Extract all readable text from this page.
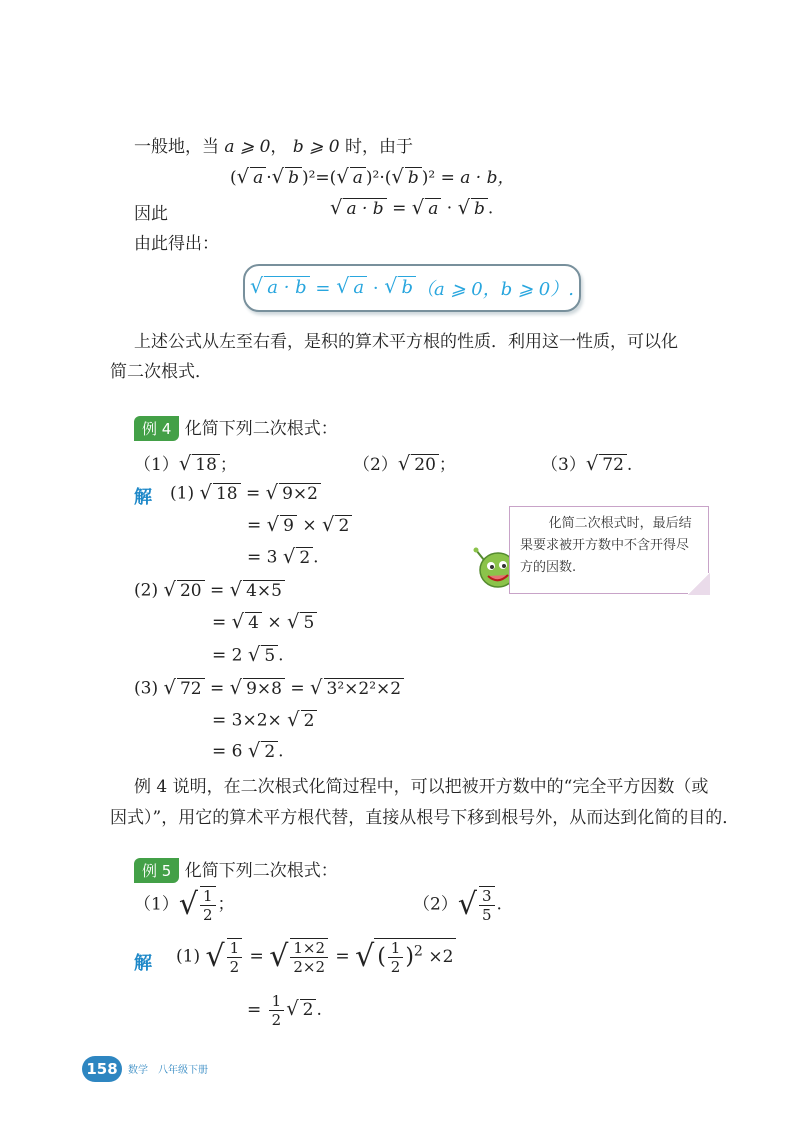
一般地，当 a ⩾ 0， b ⩾ 0 时，由于
( √ a · √ b )²=( √ a )²·( √ b )² = a · b，
因此	√ a · b = √ a · √ b .
由此得出：
√ a · b = √ a · √ b （a ⩾ 0，b ⩾ 0）.
上述公式从左至右看，是积的算术平方根的性质．利用这一性质，可以化
简二次根式．
例 4 化简下列二次根式：
（1） √ 18 ；	（2） √ 20 ；	（3） √ 72 .
解 (1) √ 18 = √ 9×2
= √ 9 × √ 2
= 3 √ 2 .
(2) √ 20 = √ 4×5
= √ 4 × √ 5
= 2 √ 5 .
(3) √ 72 = √ 9×8 = √ 3²×2²×2
= 3×2× √ 2
= 6 √ 2 .
化简二次根式时，最后结果要求被开方数中不含开得尽方的因数.
例 4 说明，在二次根式化简过程中，可以把被开方数中的“完全平方因数（或
因式）”，用它的算术平方根代替，直接从根号下移到根号外，从而达到化简的目的．
例 5 化简下列二次根式：
$(1)√ \frac{1}{2}$ ；	$(2)√ \frac{3}{5}$ .
解 (1) √ $\frac{1}{2}$ = √ $\frac{1\times 2}{2\times 2}$ = √ ( $\frac{1}{2} )^2 \times 2$
= $\frac{1}{2}$ √ 2 .
158	数学　八年级下册
